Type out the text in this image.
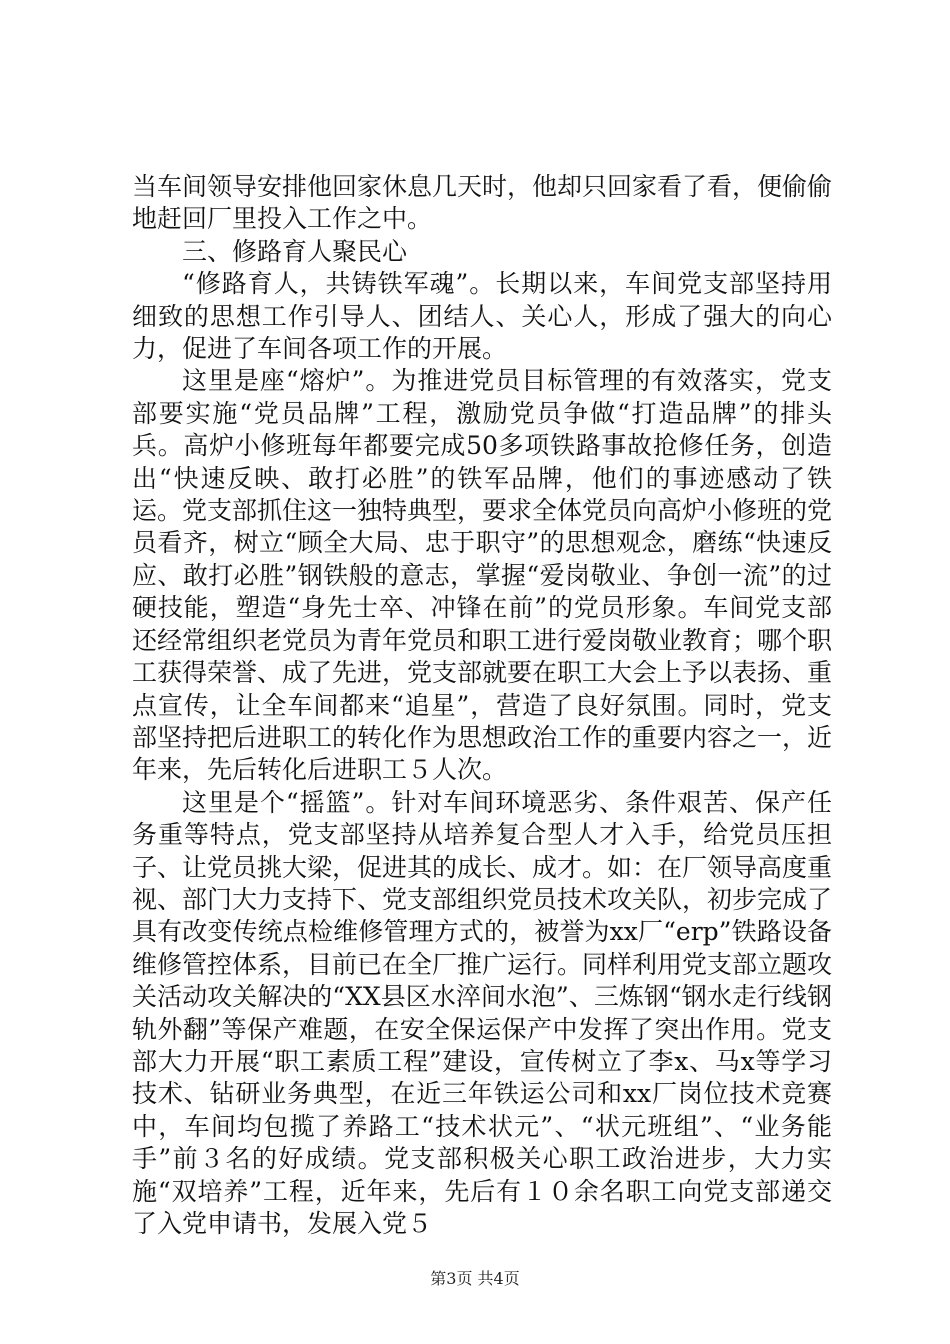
当车间领导安排他回家休息几天时，他却只回家看了看，便偷偷地赶回厂里投入工作之中。

三、修路育人聚民心

“修路育人，共铸铁军魂”。长期以来，车间党支部坚持用细致的思想工作引导人、团结人、关心人，形成了强大的向心力，促进了车间各项工作的开展。

这里是座“熔炉”。为推进党员目标管理的有效落实，党支部要实施“党员品牌”工程，激励党员争做“打造品牌”的排头兵。高炉小修班每年都要完成50多项铁路事故抢修任务，创造出“快速反映、敢打必胜”的铁军品牌，他们的事迹感动了铁运。党支部抓住这一独特典型，要求全体党员向高炉小修班的党员看齐，树立“顾全大局、忠于职守”的思想观念，磨练“快速反应、敢打必胜”钢铁般的意志，掌握“爱岗敬业、争创一流”的过硬技能，塑造“身先士卒、冲锋在前”的党员形象。车间党支部还经常组织老党员为青年党员和职工进行爱岗敬业教育；哪个职工获得荣誉、成了先进，党支部就要在职工大会上予以表扬、重点宣传，让全车间都来“追星”，营造了良好氛围。同时，党支部坚持把后进职工的转化作为思想政治工作的重要内容之一，近年来，先后转化后进职工５人次。

这里是个“摇篮”。针对车间环境恶劣、条件艰苦、保产任务重等特点，党支部坚持从培养复合型人才入手，给党员压担子、让党员挑大梁，促进其的成长、成才。如：在厂领导高度重视、部门大力支持下、党支部组织党员技术攻关队，初步完成了具有改变传统点检维修管理方式的，被誉为xx厂“erp”铁路设备维修管控体系，目前已在全厂推广运行。同样利用党支部立题攻关活动攻关解决的“XX县区水淬间水泡”、三炼钢“钢水走行线钢轨外翻”等保产难题，在安全保运保产中发挥了突出作用。党支部大力开展“职工素质工程”建设，宣传树立了李x、马x等学习技术、钻研业务典型，在近三年铁运公司和xx厂岗位技术竞赛中，车间均包揽了养路工“技术状元”、“状元班组”、“业务能手”前３名的好成绩。党支部积极关心职工政治进步，大力实施“双培养”工程，近年来，先后有１０余名职工向党支部递交了入党申请书，发展入党５

第3页 共4页
